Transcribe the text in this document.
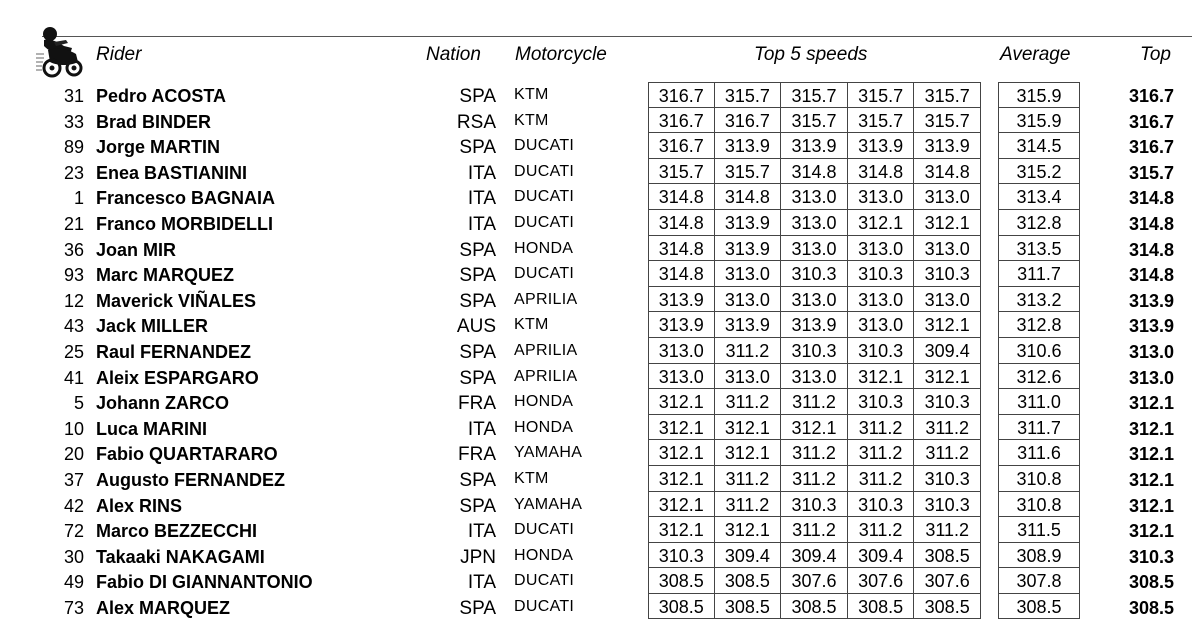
Rider	Nation Motorcycle	Top 5 speeds	Average	Top
31 Pedro ACOSTA	SPA KTM	316.7	315.7	315.7	315.7	315.7	315.9	316.7
33 Brad BINDER	RSA KTM	316.7	316.7	315.7	315.7	315.7	315.9	316.7
89 Jorge MARTIN	SPA DUCATI	316.7	313.9	313.9	313.9	313.9	314.5	316.7
23 Enea BASTIANINI	ITA DUCATI	315.7	315.7	314.8	314.8	314.8	315.2	315.7
1 Francesco BAGNAIA	ITA DUCATI	314.8	314.8	313.0	313.0	313.0	313.4	314.8
21 Franco MORBIDELLI	ITA DUCATI	314.8	313.9	313.0	312.1	312.1	312.8	314.8
36 Joan MIR	SPA HONDA	314.8	313.9	313.0	313.0	313.0	313.5	314.8
93 Marc MARQUEZ	SPA DUCATI	314.8	313.0	310.3	310.3	310.3	311.7	314.8
12 Maverick VIÑALES	SPA APRILIA	313.9	313.0	313.0	313.0	313.0	313.2	313.9
43 Jack MILLER	AUS KTM	313.9	313.9	313.9	313.0	312.1	312.8	313.9
25 Raul FERNANDEZ	SPA APRILIA	313.0	311.2	310.3	310.3	309.4	310.6	313.0
41 Aleix ESPARGARO	SPA APRILIA	313.0	313.0	313.0	312.1	312.1	312.6	313.0
5 Johann ZARCO	FRA HONDA	312.1	311.2	311.2	310.3	310.3	311.0	312.1
10 Luca MARINI	ITA HONDA	312.1	312.1	312.1	311.2	311.2	311.7	312.1
20 Fabio QUARTARARO	FRA YAMAHA	312.1	312.1	311.2	311.2	311.2	311.6	312.1
37 Augusto FERNANDEZ	SPA KTM	312.1	311.2	311.2	311.2	310.3	310.8	312.1
42 Alex RINS	SPA YAMAHA	312.1	311.2	310.3	310.3	310.3	310.8	312.1
72 Marco BEZZECCHI	ITA DUCATI	312.1	312.1	311.2	311.2	311.2	311.5	312.1
30 Takaaki NAKAGAMI	JPN HONDA	310.3	309.4	309.4	309.4	308.5	308.9	310.3
49 Fabio DI GIANNANTONIO	ITA DUCATI	308.5	308.5	307.6	307.6	307.6	307.8	308.5
73 Alex MARQUEZ	SPA DUCATI	308.5	308.5	308.5	308.5	308.5	308.5	308.5
